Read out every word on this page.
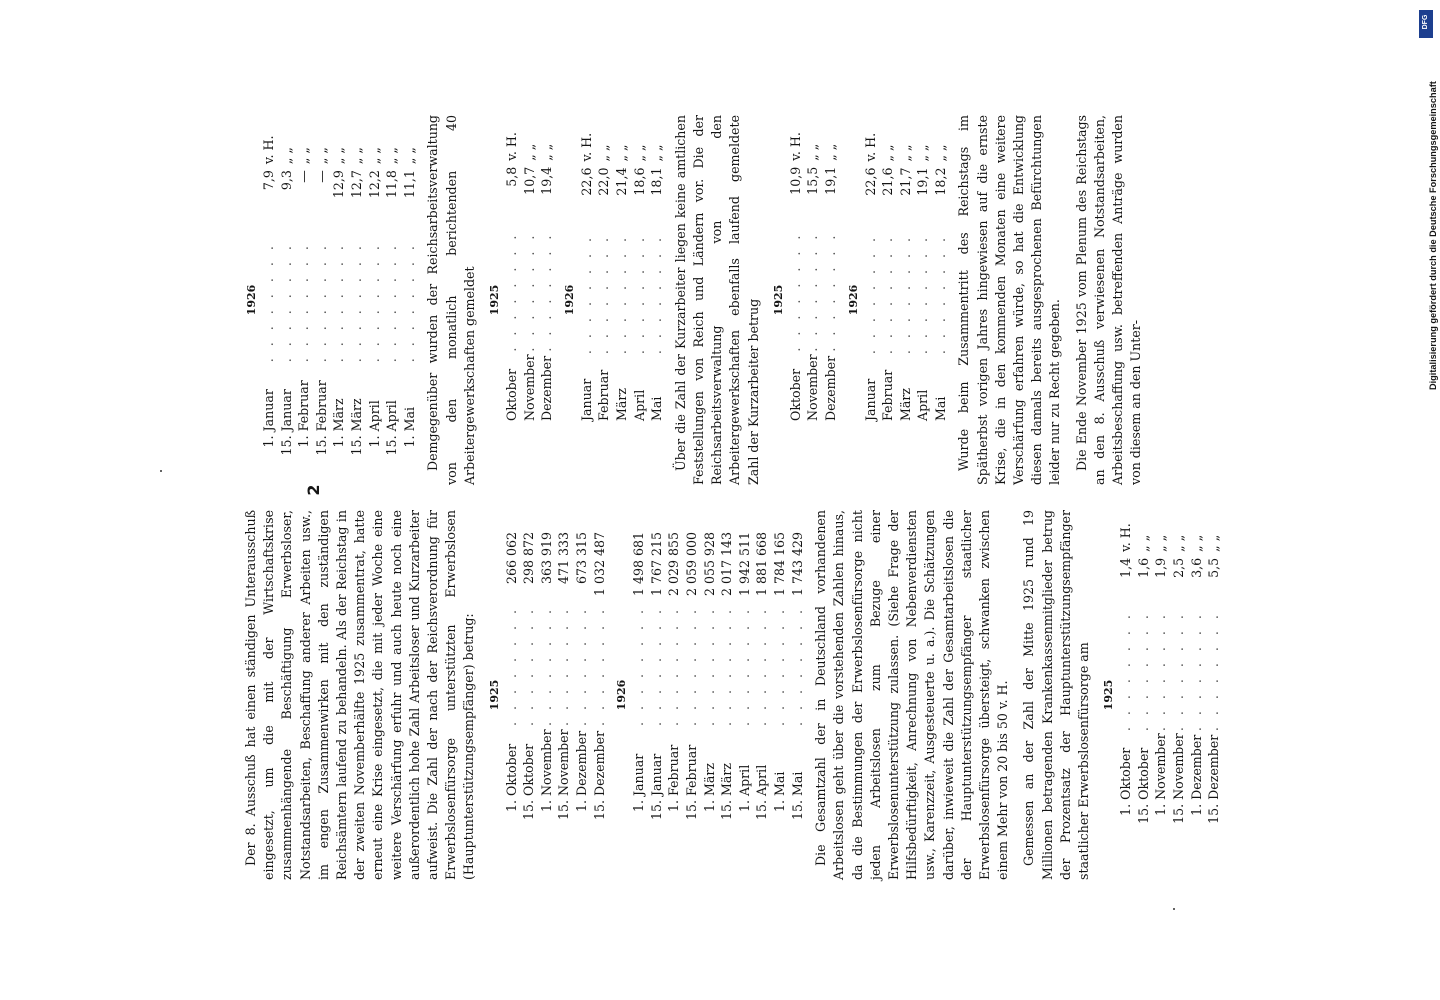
2

Der 8. Ausschuß hat einen ständigen Unterausschuß eingesetzt, um die mit der Wirtschaftskrise zusammenhängende Beschäftigung Erwerbsloser, Notstandsarbeiten, Beschaffung anderer Arbeiten usw., im engen Zusammenwirken mit den zuständigen Reichsämtern laufend zu behandeln. Als der Reichstag in der zweiten Novemberhälfte 1925 zusammentrat, hatte erneut eine Krise eingesetzt, die mit jeder Woche eine weitere Verschärfung erfuhr und auch heute noch eine außerordentlich hohe Zahl Arbeitsloser und Kurzarbeiter aufweist. Die Zahl der nach der Reichsverordnung für Erwerbslosenfürsorge unterstützten Erwerbslosen (Hauptunterstützungsempfänger) betrug: 1925
1.	Oktober	. . . . . . . .	266 062
15.	Oktober	. . . . . . . .	298 872
1.	November	. . . . . . . .	363 919
15.	November	. . . . . . . .	471 333
1.	Dezember	. . . . . . . .	673 315
15.	Dezember	. . . . . . . .	1 032 487
1926
1.	Januar	. . . . . . . .	1 498 681
15.	Januar	. . . . . . . .	1 767 215
1.	Februar	. . . . . . . .	2 029 855
15.	Februar	. . . . . . . .	2 059 000
1.	März	. . . . . . . .	2 055 928
15.	März	. . . . . . . .	2 017 143
1.	April	. . . . . . . .	1 942 511
15.	April	. . . . . . . .	1 881 668
1.	Mai	. . . . . . . .	1 784 165
15.	Mai	. . . . . . . .	1 743 429 Die Gesamtzahl der in Deutschland vorhandenen Arbeitslosen geht über die vorstehenden Zahlen hinaus, da die Bestimmungen der Erwerbslosenfürsorge nicht jeden Arbeitslosen zum Bezuge einer Erwerbslosenunterstützung zulassen. (Siehe Frage der Hilfsbedürftigkeit, Anrechnung von Nebenverdiensten usw., Karenzzeit, Ausgesteuerte u. a.). Die Schätzungen darüber, inwieweit die Zahl der Gesamtarbeitslosen die der Hauptunterstützungsempfänger staatlicher Erwerbslosenfürsorge übersteigt, schwanken zwischen einem Mehr von 20 bis 50 v. H. Gemessen an der Zahl der Mitte 1925 rund 19 Millionen betragenden Krankenkassenmitglieder betrug der Prozentsatz der Hauptunterstützungsempfänger staatlicher Erwerbslosenfürsorge am 1925
1.	Oktober	. . . . . . . .	1,4	v. H.
15.	Oktober	. . . . . . . .	1,6	„ „
1.	November	. . . . . . . .	1,9	„ „
15.	November	. . . . . . . .	2,5	„ „
1.	Dezember	. . . . . . . .	3,6	„ „
15.	Dezember	. . . . . . . .	5,5	„ „
1926
1.	Januar	. . . . . . . .	7,9	v. H.
15.	Januar	. . . . . . . .	9,3	„ „
1.	Februar	. . . . . . . .	—	„ „
15.	Februar	. . . . . . . .	—	„ „
1.	März	. . . . . . . .	12,9	„ „
15.	März	. . . . . . . .	12,7	„ „
1.	April	. . . . . . . .	12,2	„ „
15.	April	. . . . . . . .	11,8	„ „
1.	Mai	. . . . . . . .	11,1	„ „ Demgegenüber wurden der Reichsarbeitsverwaltung von den monatlich berichtenden 40 Arbeitergewerkschaften gemeldet 1925
Oktober	. . . . . . . .	5,8	v. H.
November	. . . . . . . .	10,7	„ „
Dezember	. . . . . . . .	19,4	„ „
1926
Januar	. . . . . . . .	22,6	v. H.
Februar	. . . . . . . .	22,0	„ „
März	. . . . . . . .	21,4	„ „
April	. . . . . . . .	18,6	„ „
Mai	. . . . . . . .	18,1	„ „ Über die Zahl der Kurzarbeiter liegen keine amtlichen Feststellungen von Reich und Ländern vor. Die der Reichsarbeitsverwaltung von den Arbeitergewerkschaften ebenfalls laufend gemeldete Zahl der Kurzarbeiter betrug 1925
Oktober	. . . . . . . .	10,9	v. H.
November	. . . . . . . .	15,5	„ „
Dezember	. . . . . . . .	19,1	„ „
1926
Januar	. . . . . . . .	22,6	v. H.
Februar	. . . . . . . .	21,6	„ „
März	. . . . . . . .	21,7	„ „
April	. . . . . . . .	19,1	„ „
Mai	. . . . . . . .	18,2	„ „ Wurde beim Zusammentritt des Reichstags im Spätherbst vorigen Jahres hingewiesen auf die ernste Krise, die in den kommenden Monaten eine weitere Verschärfung erfahren würde, so hat die Entwicklung diesen damals bereits ausgesprochenen Befürchtungen leider nur zu Recht gegeben. Die Ende November 1925 vom Plenum des Reichstags an den 8. Ausschuß verwiesenen Notstandsarbeiten, Arbeitsbeschaffung usw. betreffenden Anträge wurden von diesem an den Unter-

DFG
Digitalisierung gefördert durch die Deutsche Forschungsgemeinschaft
